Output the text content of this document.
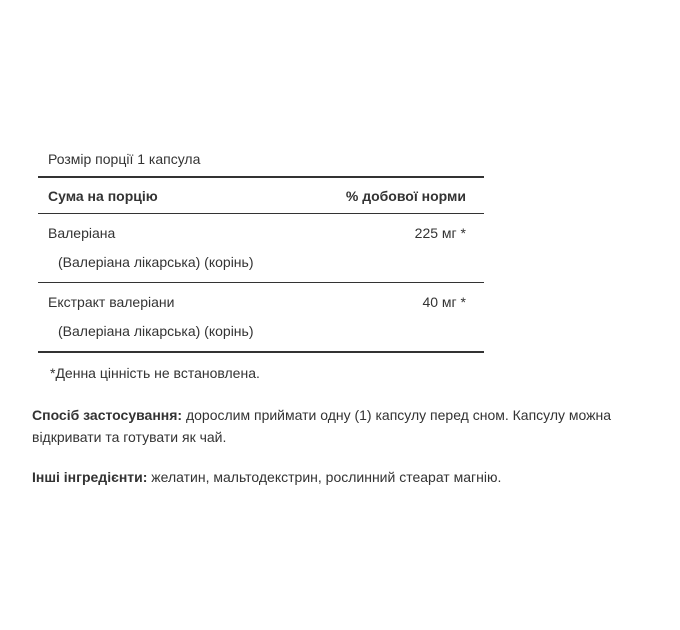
Розмір порції 1 капсула
Сума на порцію	% добової норми
Валеріана	225 мг *
(Валеріана лікарська) (корінь)
Екстракт валеріани	40 мг *
(Валеріана лікарська) (корінь)
*Денна цінність не встановлена.
Спосіб застосування: дорослим приймати одну (1) капсулу перед сном. Капсулу можна відкривати та готувати як чай.
Інші інгредієнти: желатин, мальтодекстрин, рослинний стеарат магнію.
